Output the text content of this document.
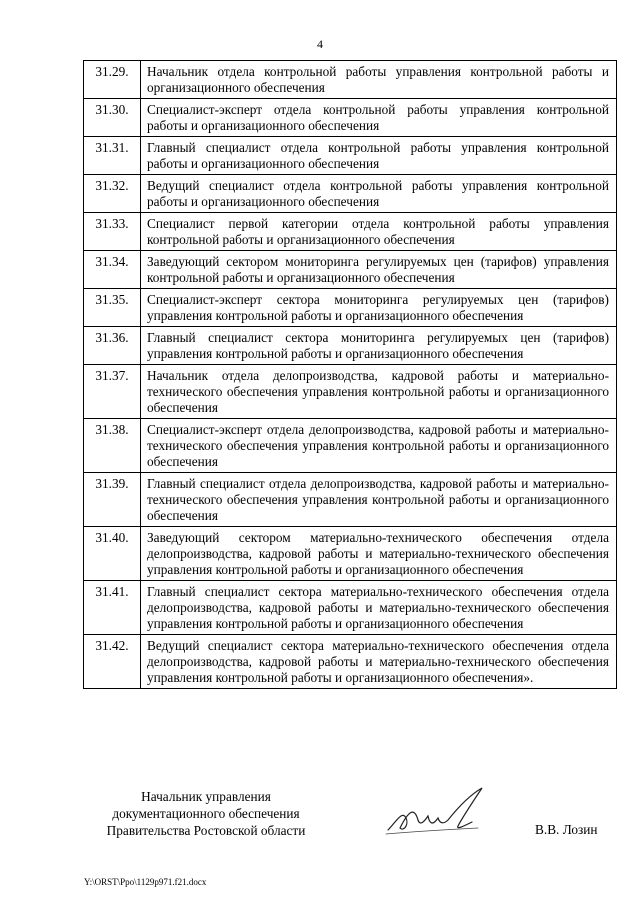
4
31.29.	Начальник отдела контрольной работы управления контрольной работы и организационного обеспечения
31.30.	Специалист-эксперт отдела контрольной работы управления контрольной работы и организационного обеспечения
31.31.	Главный специалист отдела контрольной работы управления контрольной работы и организационного обеспечения
31.32.	Ведущий специалист отдела контрольной работы управления контрольной работы и организационного обеспечения
31.33.	Специалист первой категории отдела контрольной работы управления контрольной работы и организационного обеспечения
31.34.	Заведующий сектором мониторинга регулируемых цен (тарифов) управления контрольной работы и организационного обеспечения
31.35.	Специалист-эксперт сектора мониторинга регулируемых цен (тарифов) управления контрольной работы и организационного обеспечения
31.36.	Главный специалист сектора мониторинга регулируемых цен (тарифов) управления контрольной работы и организационного обеспечения
31.37.	Начальник отдела делопроизводства, кадровой работы и материально-технического обеспечения управления контрольной работы и организационного обеспечения
31.38.	Специалист-эксперт отдела делопроизводства, кадровой работы и материально-технического обеспечения управления контрольной работы и организационного обеспечения
31.39.	Главный специалист отдела делопроизводства, кадровой работы и материально-технического обеспечения управления контрольной работы и организационного обеспечения
31.40.	Заведующий сектором материально-технического обеспечения отдела делопроизводства, кадровой работы и материально-технического обеспечения управления контрольной работы и организационного обеспечения
31.41.	Главный специалист сектора материально-технического обеспечения отдела делопроизводства, кадровой работы и материально-технического обеспечения управления контрольной работы и организационного обеспечения
31.42.	Ведущий специалист сектора материально-технического обеспечения отдела делопроизводства, кадровой работы и материально-технического обеспечения управления контрольной работы и организационного обеспечения».
Начальник управления
документационного обеспечения
Правительства Ростовской области	В.В. Лозин
Y:\ORST\Ppo\1129p971.f21.docx
